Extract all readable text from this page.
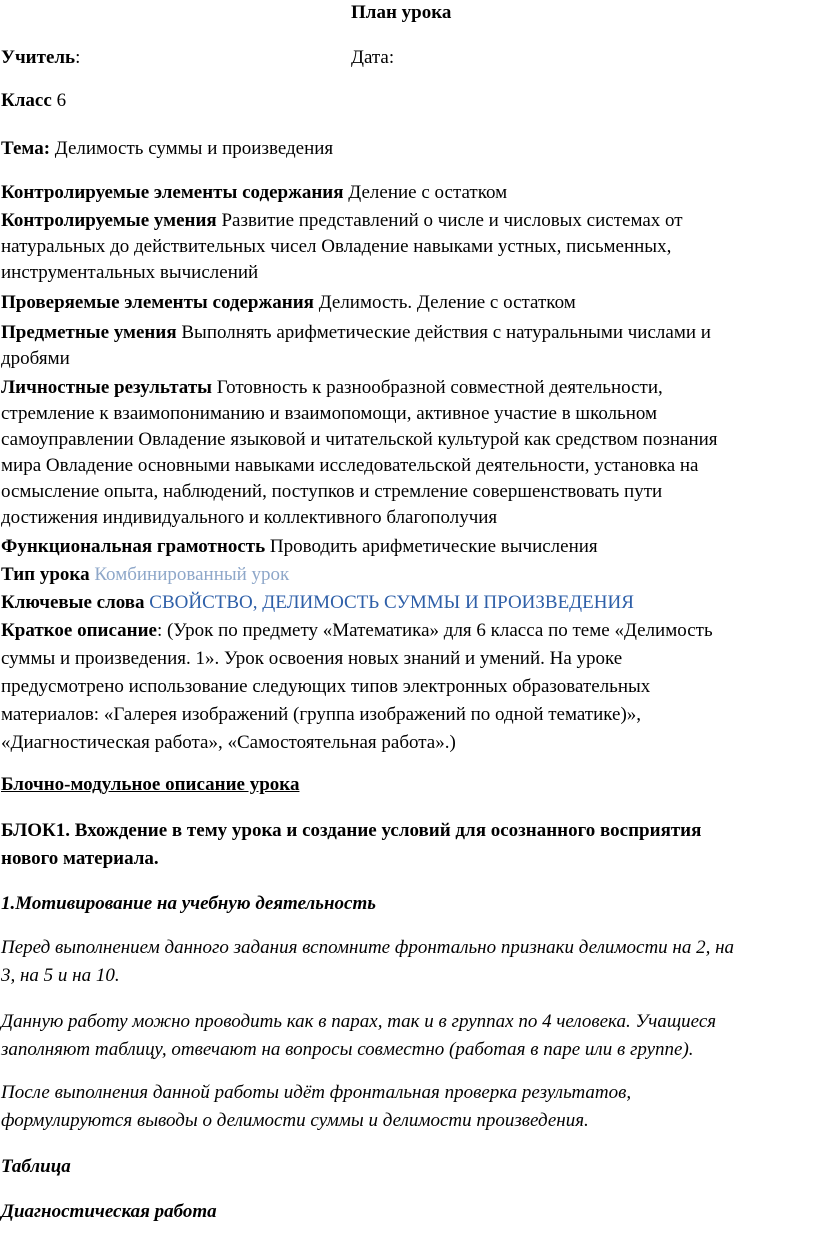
План урока
Учитель:	Дата:
Класс 6
Тема: Делимость суммы и произведения
Контролируемые элементы содержания Деление с остатком
Контролируемые умения Развитие представлений о числе и числовых системах от
натуральных до действительных чисел Овладение навыками устных, письменных,
инструментальных вычислений
Проверяемые элементы содержания Делимость. Деление с остатком
Предметные умения Выполнять арифметические действия с натуральными числами и
дробями
Личностные результаты Готовность к разнообразной совместной деятельности,
стремление к взаимопониманию и взаимопомощи, активное участие в школьном
самоуправлении Овладение языковой и читательской культурой как средством познания
мира Овладение основными навыками исследовательской деятельности, установка на
осмысление опыта, наблюдений, поступков и стремление совершенствовать пути
достижения индивидуального и коллективного благополучия
Функциональная грамотность Проводить арифметические вычисления
Тип урока Комбинированный урок
Ключевые слова СВОЙСТВО, ДЕЛИМОСТЬ СУММЫ И ПРОИЗВЕДЕНИЯ
Краткое описание: (Урок по предмету «Математика» для 6 класса по теме «Делимость
суммы и произведения. 1». Урок освоения новых знаний и умений. На уроке
предусмотрено использование следующих типов электронных образовательных
материалов: «Галерея изображений (группа изображений по одной тематике)»,
«Диагностическая работа», «Самостоятельная работа».)
Блочно-модульное описание урока
БЛОК1. Вхождение в тему урока и создание условий для осознанного восприятия
нового материала.
1.Мотивирование на учебную деятельность
Перед выполнением данного задания вспомните фронтально признаки делимости на 2, на
3, на 5 и на 10.
Данную работу можно проводить как в парах, так и в группах по 4 человека. Учащиеся
заполняют таблицу, отвечают на вопросы совместно (работая в паре или в группе).
После выполнения данной работы идёт фронтальная проверка результатов,
формулируются выводы о делимости суммы и делимости произведения.
Таблица
Диагностическая работа
